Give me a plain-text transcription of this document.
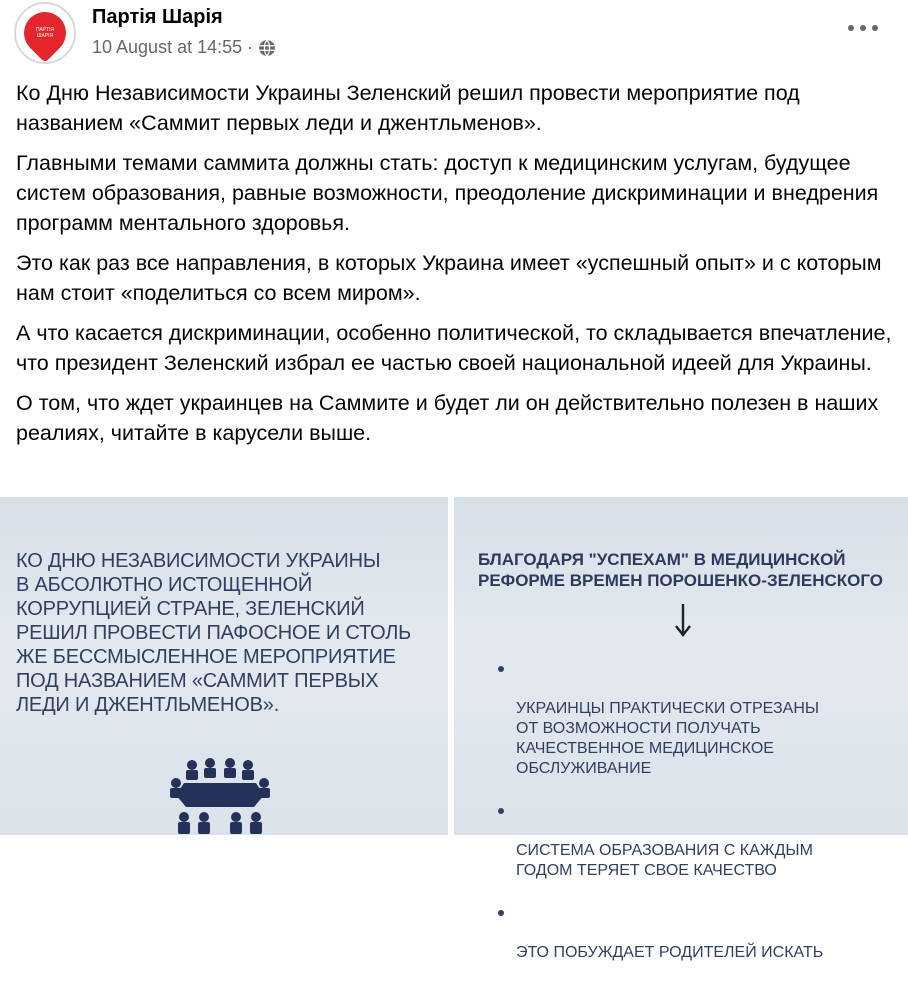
ПАРТІЯ ШАРІЯ
Партія Шарія
10 August at 14:55 ·

Ко Дню Независимости Украины Зеленский решил провести мероприятие под названием «Саммит первых леди и джентльменов».

Главными темами саммита должны стать: доступ к медицинским услугам, будущее систем образования, равные возможности, преодоление дискриминации и внедрения программ ментального здоровья.

Это как раз все направления, в которых Украина имеет «успешный опыт» и с которым нам стоит «поделиться со всем миром».

А что касается дискриминации, особенно политической, то складывается впечатление, что президент Зеленский избрал ее частью своей национальной идеей для Украины.

О том, что ждет украинцев на Саммите и будет ли он действительно полезен в наших реалиях, читайте в карусели выше.

КО ДНЮ НЕЗАВИСИМОСТИ УКРАИНЫ
В АБСОЛЮТНО ИСТОЩЕННОЙ
КОРРУПЦИЕЙ СТРАНЕ, ЗЕЛЕНСКИЙ
РЕШИЛ ПРОВЕСТИ ПАФОСНОЕ И СТОЛЬ
ЖЕ БЕССМЫСЛЕННОЕ МЕРОПРИЯТИЕ
ПОД НАЗВАНИЕМ «САММИТ ПЕРВЫХ
ЛЕДИ И ДЖЕНТЛЬМЕНОВ».
БЛАГОДАРЯ "УСПЕХАМ" В МЕДИЦИНСКОЙ
РЕФОРМЕ ВРЕМЕН ПОРОШЕНКО-ЗЕЛЕНСКОГО

УКРАИНЦЫ ПРАКТИЧЕСКИ ОТРЕЗАНЫ
ОТ ВОЗМОЖНОСТИ ПОЛУЧАТЬ
КАЧЕСТВЕННОЕ МЕДИЦИНСКОЕ
ОБСЛУЖИВАНИЕ

СИСТЕМА ОБРАЗОВАНИЯ С КАЖДЫМ
ГОДОМ ТЕРЯЕТ СВОЕ КАЧЕСТВО

ЭТО ПОБУЖДАЕТ РОДИТЕЛЕЙ ИСКАТЬ
